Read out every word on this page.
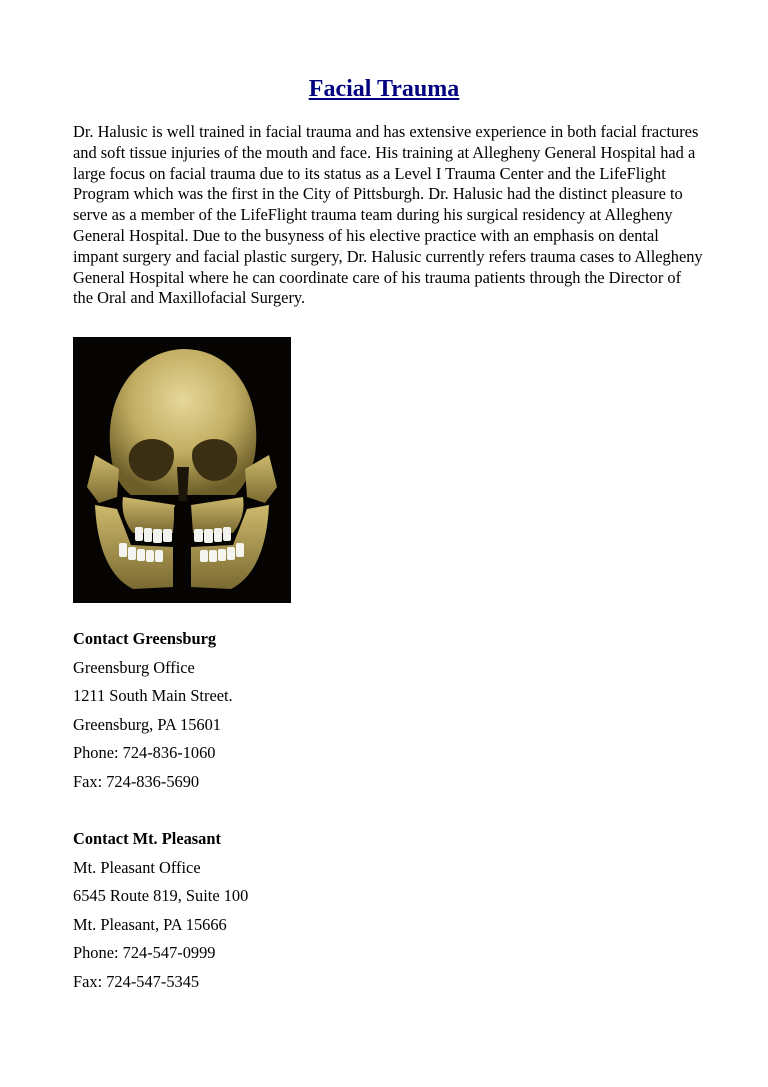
Facial Trauma

Dr. Halusic is well trained in facial trauma and has extensive experience in both facial fractures and soft tissue injuries of the mouth and face. His training at Allegheny General Hospital had a large focus on facial trauma due to its status as a Level I Trauma Center and the LifeFlight Program which was the first in the City of Pittsburgh. Dr. Halusic had the distinct pleasure to serve as a member of the LifeFlight trauma team during his surgical residency at Allegheny General Hospital. Due to the busyness of his elective practice with an emphasis on dental impant surgery and facial plastic surgery, Dr. Halusic currently refers trauma cases to Allegheny General Hospital where he can coordinate care of his trauma patients through the Director of the Oral and Maxillofacial Surgery.

Contact Greensburg
Greensburg Office
1211 South Main Street.
Greensburg, PA 15601
Phone: 724-836-1060
Fax: 724-836-5690
Contact Mt. Pleasant
Mt. Pleasant Office
6545 Route 819, Suite 100
Mt. Pleasant, PA 15666
Phone: 724-547-0999
Fax: 724-547-5345
